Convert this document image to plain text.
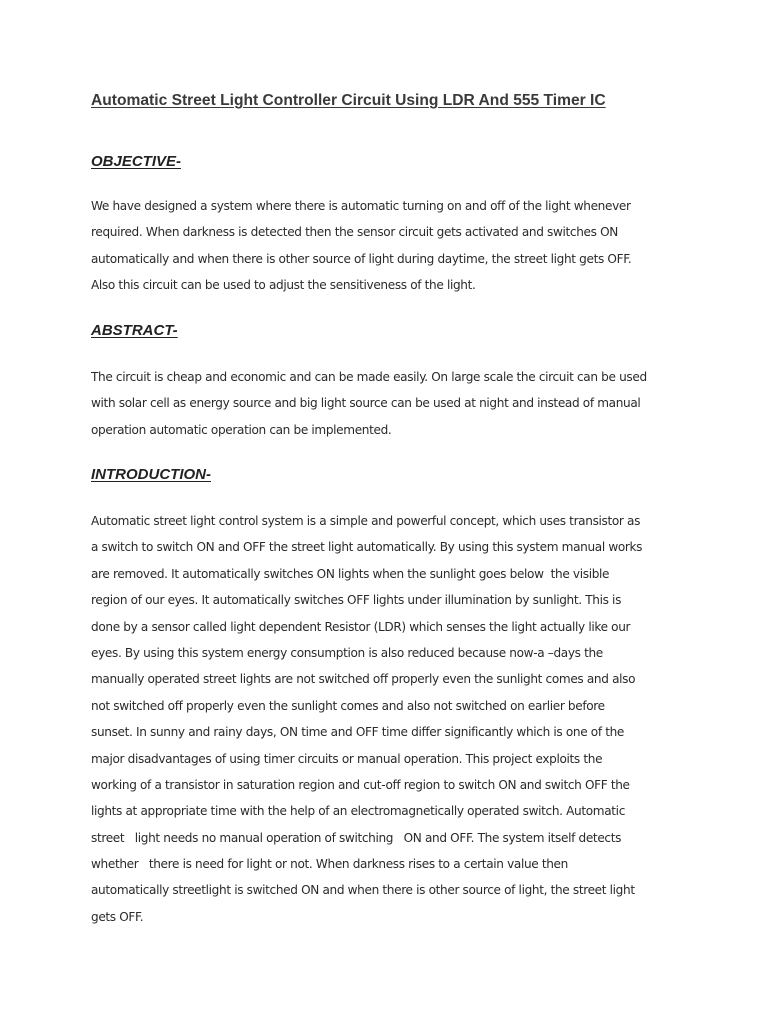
Automatic Street Light Controller Circuit Using LDR And 555 Timer IC
OBJECTIVE-
We have designed a system where there is automatic turning on and off of the light whenever
required. When darkness is detected then the sensor circuit gets activated and switches ON
automatically and when there is other source of light during daytime, the street light gets OFF.
Also this circuit can be used to adjust the sensitiveness of the light.
ABSTRACT-
The circuit is cheap and economic and can be made easily. On large scale the circuit can be used
with solar cell as energy source and big light source can be used at night and instead of manual
operation automatic operation can be implemented.
INTRODUCTION-
Automatic street light control system is a simple and powerful concept, which uses transistor as
a switch to switch ON and OFF the street light automatically. By using this system manual works
are removed. It automatically switches ON lights when the sunlight goes below  the visible
region of our eyes. It automatically switches OFF lights under illumination by sunlight. This is
done by a sensor called light dependent Resistor (LDR) which senses the light actually like our
eyes. By using this system energy consumption is also reduced because now-a –days the
manually operated street lights are not switched off properly even the sunlight comes and also
not switched off properly even the sunlight comes and also not switched on earlier before
sunset. In sunny and rainy days, ON time and OFF time differ significantly which is one of the
major disadvantages of using timer circuits or manual operation. This project exploits the
working of a transistor in saturation region and cut-off region to switch ON and switch OFF the
lights at appropriate time with the help of an electromagnetically operated switch. Automatic
street   light needs no manual operation of switching   ON and OFF. The system itself detects
whether   there is need for light or not. When darkness rises to a certain value then
automatically streetlight is switched ON and when there is other source of light, the street light
gets OFF.
